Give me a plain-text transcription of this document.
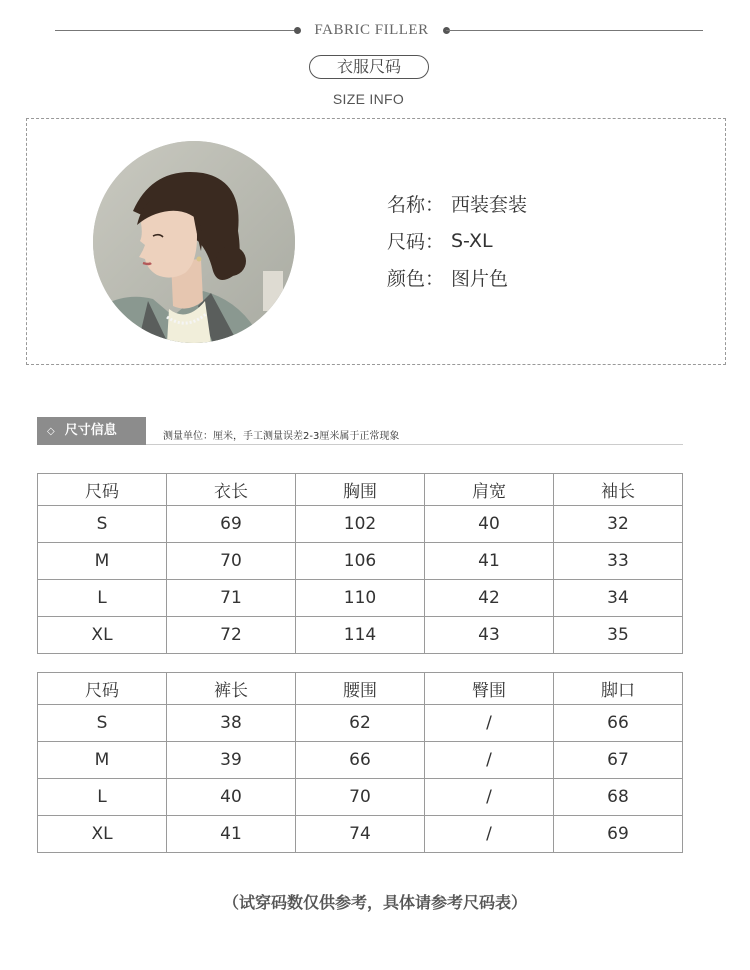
FABRIC FILLER
衣服尺码
SIZE INFO
名称： 西装套装
尺码： S-XL
颜色： 图片色
◇ 尺寸信息	测量单位：厘米，手工测量误差2-3厘米属于正常现象
尺码	衣长	胸围	肩宽	袖长
S	69	102	40	32
M	70	106	41	33
L	71	110	42	34
XL	72	114	43	35
尺码	裤长	腰围	臀围	脚口
S	38	62	/	66
M	39	66	/	67
L	40	70	/	68
XL	41	74	/	69
（试穿码数仅供参考，具体请参考尺码表）
